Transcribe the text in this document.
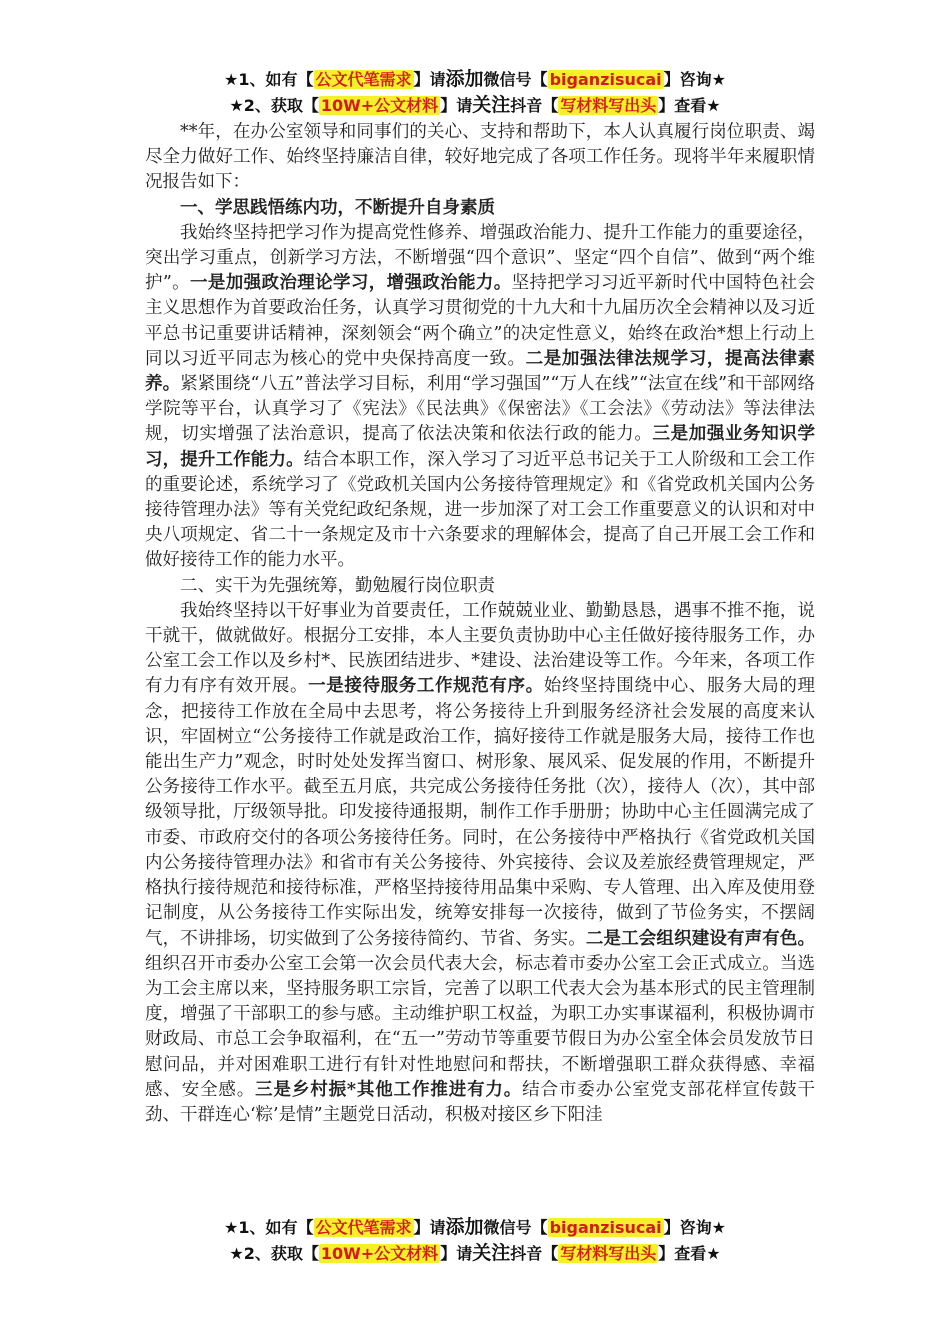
★1、如有【 公文代笔需求 】请添加微信号【 biganzisucai 】咨询★
★2、获取【 10W+公文材料 】请关注抖音【 写材料写出头 】查看★

**年，在办公室领导和同事们的关心、支持和帮助下，本人认真履行岗位职责、竭尽全力做好工作、始终坚持廉洁自律，较好地完成了各项工作任务。现将半年来履职情况报告如下：

一、学思践悟练内功，不断提升自身素质

我始终坚持把学习作为提高党性修养、增强政治能力、提升工作能力的重要途径，突出学习重点，创新学习方法，不断增强“四个意识”、坚定“四个自信”、做到“两个维护”。一是加强政治理论学习，增强政治能力。坚持把学习习近平新时代中国特色社会主义思想作为首要政治任务，认真学习贯彻党的十九大和十九届历次全会精神以及习近平总书记重要讲话精神，深刻领会“两个确立”的决定性意义，始终在政治*想上行动上同以习近平同志为核心的党中央保持高度一致。二是加强法律法规学习，提高法律素养。紧紧围绕“八五”普法学习目标，利用“学习强国”“万人在线”“法宣在线”和干部网络学院等平台，认真学习了《宪法》《民法典》《保密法》《工会法》《劳动法》等法律法规，切实增强了法治意识，提高了依法决策和依法行政的能力。三是加强业务知识学习，提升工作能力。结合本职工作，深入学习了习近平总书记关于工人阶级和工会工作的重要论述，系统学习了《党政机关国内公务接待管理规定》和《省党政机关国内公务接待管理办法》等有关党纪政纪条规，进一步加深了对工会工作重要意义的认识和对中央八项规定、省二十一条规定及市十六条要求的理解体会，提高了自己开展工会工作和做好接待工作的能力水平。

二、实干为先强统筹，勤勉履行岗位职责

我始终坚持以干好事业为首要责任，工作兢兢业业、勤勤恳恳，遇事不推不拖，说干就干，做就做好。根据分工安排，本人主要负责协助中心主任做好接待服务工作，办公室工会工作以及乡村*、民族团结进步、*建设、法治建设等工作。今年来，各项工作有力有序有效开展。一是接待服务工作规范有序。始终坚持围绕中心、服务大局的理念，把接待工作放在全局中去思考，将公务接待上升到服务经济社会发展的高度来认识，牢固树立“公务接待工作就是政治工作，搞好接待工作就是服务大局，接待工作也能出生产力”观念，时时处处发挥当窗口、树形象、展风采、促发展的作用，不断提升公务接待工作水平。截至五月底，共完成公务接待任务批（次），接待人（次），其中部级领导批，厅级领导批。印发接待通报期，制作工作手册册；协助中心主任圆满完成了市委、市政府交付的各项公务接待任务。同时，在公务接待中严格执行《省党政机关国内公务接待管理办法》和省市有关公务接待、外宾接待、会议及差旅经费管理规定，严格执行接待规范和接待标准，严格坚持接待用品集中采购、专人管理、出入库及使用登记制度，从公务接待工作实际出发，统筹安排每一次接待，做到了节俭务实，不摆阔气，不讲排场，切实做到了公务接待简约、节省、务实。二是工会组织建设有声有色。组织召开市委办公室工会第一次会员代表大会，标志着市委办公室工会正式成立。当选为工会主席以来，坚持服务职工宗旨，完善了以职工代表大会为基本形式的民主管理制度，增强了干部职工的参与感。主动维护职工权益，为职工办实事谋福利，积极协调市财政局、市总工会争取福利，在“五一”劳动节等重要节假日为办公室全体会员发放节日慰问品，并对困难职工进行有针对性地慰问和帮扶，不断增强职工群众获得感、幸福感、安全感。三是乡村振*其他工作推进有力。结合市委办公室党支部花样宣传鼓干劲、干群连心‘粽’是情”主题党日活动，积极对接区乡下阳洼

★1、如有【 公文代笔需求 】请添加微信号【 biganzisucai 】咨询★
★2、获取【 10W+公文材料 】请关注抖音【 写材料写出头 】查看★
